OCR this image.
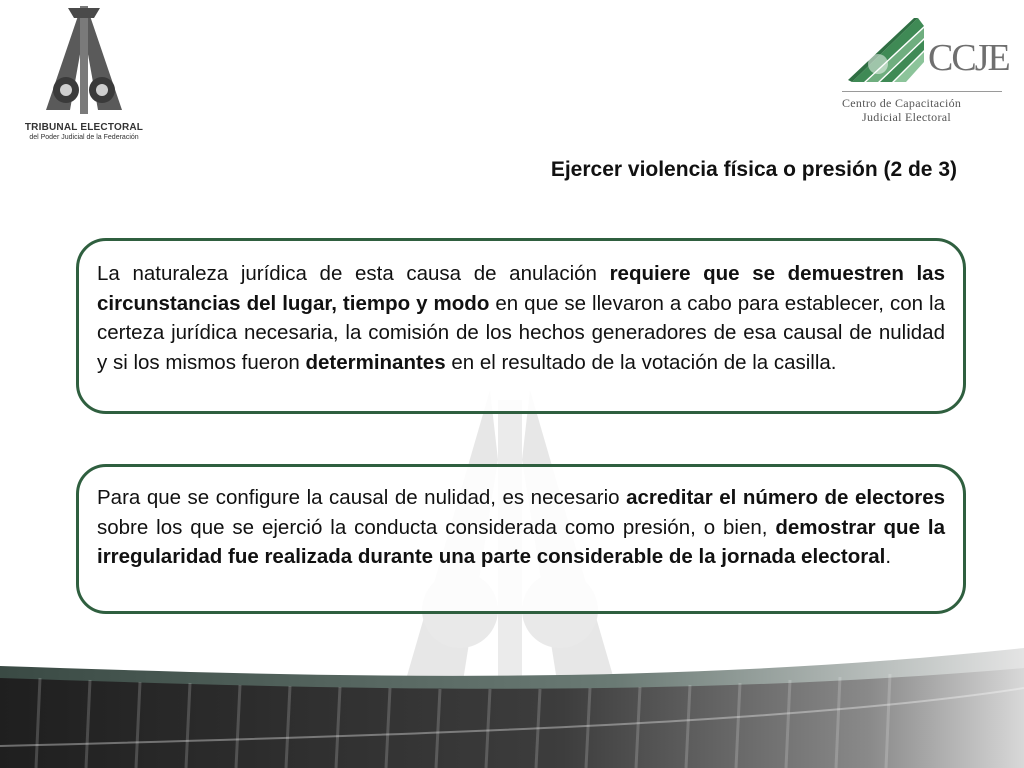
TRIBUNAL ELECTORAL
del Poder Judicial de la Federación
CCJE
Centro de Capacitación
Judicial Electoral
Ejercer violencia física o presión (2 de 3)

La naturaleza jurídica de esta causa de anulación requiere que se demuestren las circunstancias del lugar, tiempo y modo en que se llevaron a cabo para establecer, con la certeza jurídica necesaria, la comisión de los hechos generadores de esa causal de nulidad y si los mismos fueron determinantes en el resultado de la votación de la casilla.

Para que se configure la causal de nulidad, es necesario acreditar el número de electores sobre los que se ejerció la conducta considerada como presión, o bien, demostrar que la irregularidad fue realizada durante una parte considerable de la jornada electoral.
